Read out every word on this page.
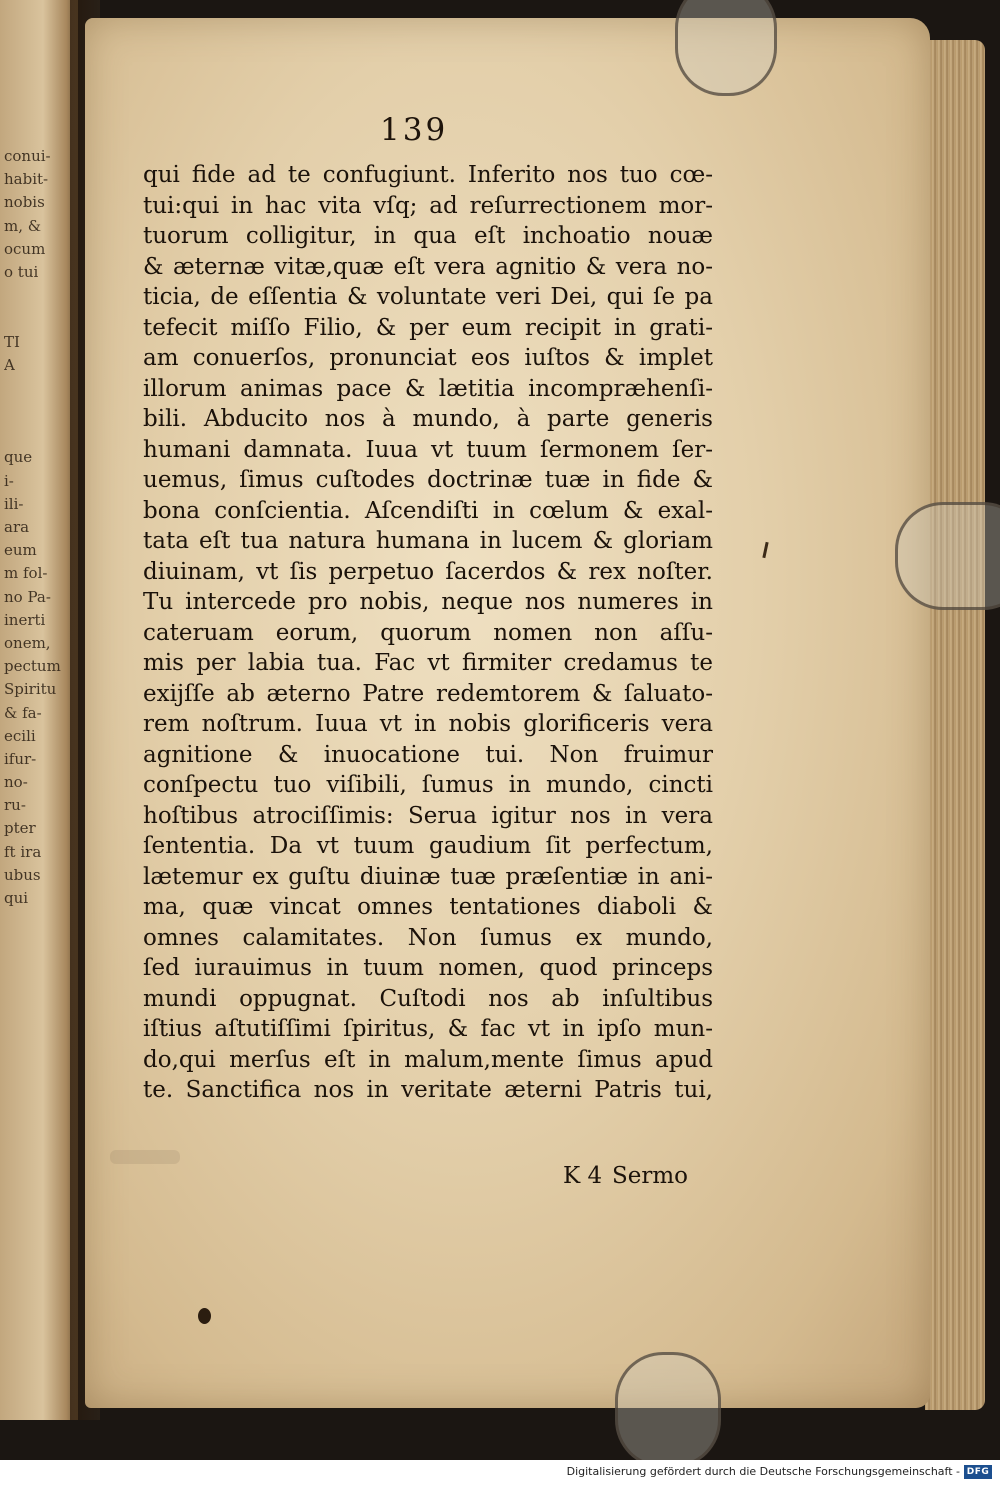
conui-
habit-
nobis
m, &
ocum
o tui
TI
A
que
i-
ili-
ara
eum
m fol-
no Pa-
inerti
onem,
pectum
Spiritu
& fa-
ecili
ifur-
no-
ru-
pter
ft ira
ubus
qui
139
qui fide ad te confugiunt. Inferito nos tuo cœ-
tui:qui in hac vita vſq; ad reſurrectionem mor-
tuorum colligitur, in qua eſt inchoatio nouæ
& æternæ vitæ,quæ eſt vera agnitio & vera no-
ticia, de eſſentia & voluntate veri Dei, qui ſe pa
tefecit miſſo Filio, & per eum recipit in grati-
am conuerſos, pronunciat eos iuſtos & implet
illorum animas pace & lætitia incompræhenſi-
bili. Abducito nos à mundo, à parte generis
humani damnata. Iuua vt tuum ſermonem ſer-
uemus, ſimus cuſtodes doctrinæ tuæ in fide &
bona conſcientia. Aſcendiſti in cœlum & exal-
tata eſt tua natura humana in lucem & gloriam
diuinam, vt ſis perpetuo ſacerdos & rex noſter.
Tu intercede pro nobis, neque nos numeres in
cateruam eorum, quorum nomen non aſſu-
mis per labia tua. Fac vt firmiter credamus te
exijſſe ab æterno Patre redemtorem & ſaluato-
rem noſtrum. Iuua vt in nobis glorificeris vera
agnitione & inuocatione tui. Non fruimur
conſpectu tuo viſibili, ſumus in mundo, cincti
hoſtibus atrociſſimis: Serua igitur nos in vera
ſententia. Da vt tuum gaudium ſit perfectum,
lætemur ex guſtu diuinæ tuæ præſentiæ in ani-
ma, quæ vincat omnes tentationes diaboli &
omnes calamitates. Non ſumus ex mundo,
ſed iurauimus in tuum nomen, quod princeps
mundi oppugnat. Cuſtodi nos ab inſultibus
iſtius aſtutiſſimi ſpiritus, & fac vt in ipſo mun-
do,qui merſus eſt in malum,mente ſimus apud
te. Sanctifica nos in veritate æterni Patris tui,
K 4 Sermo
Digitalisierung gefördert durch die Deutsche Forschungsgemeinschaft - DFG
